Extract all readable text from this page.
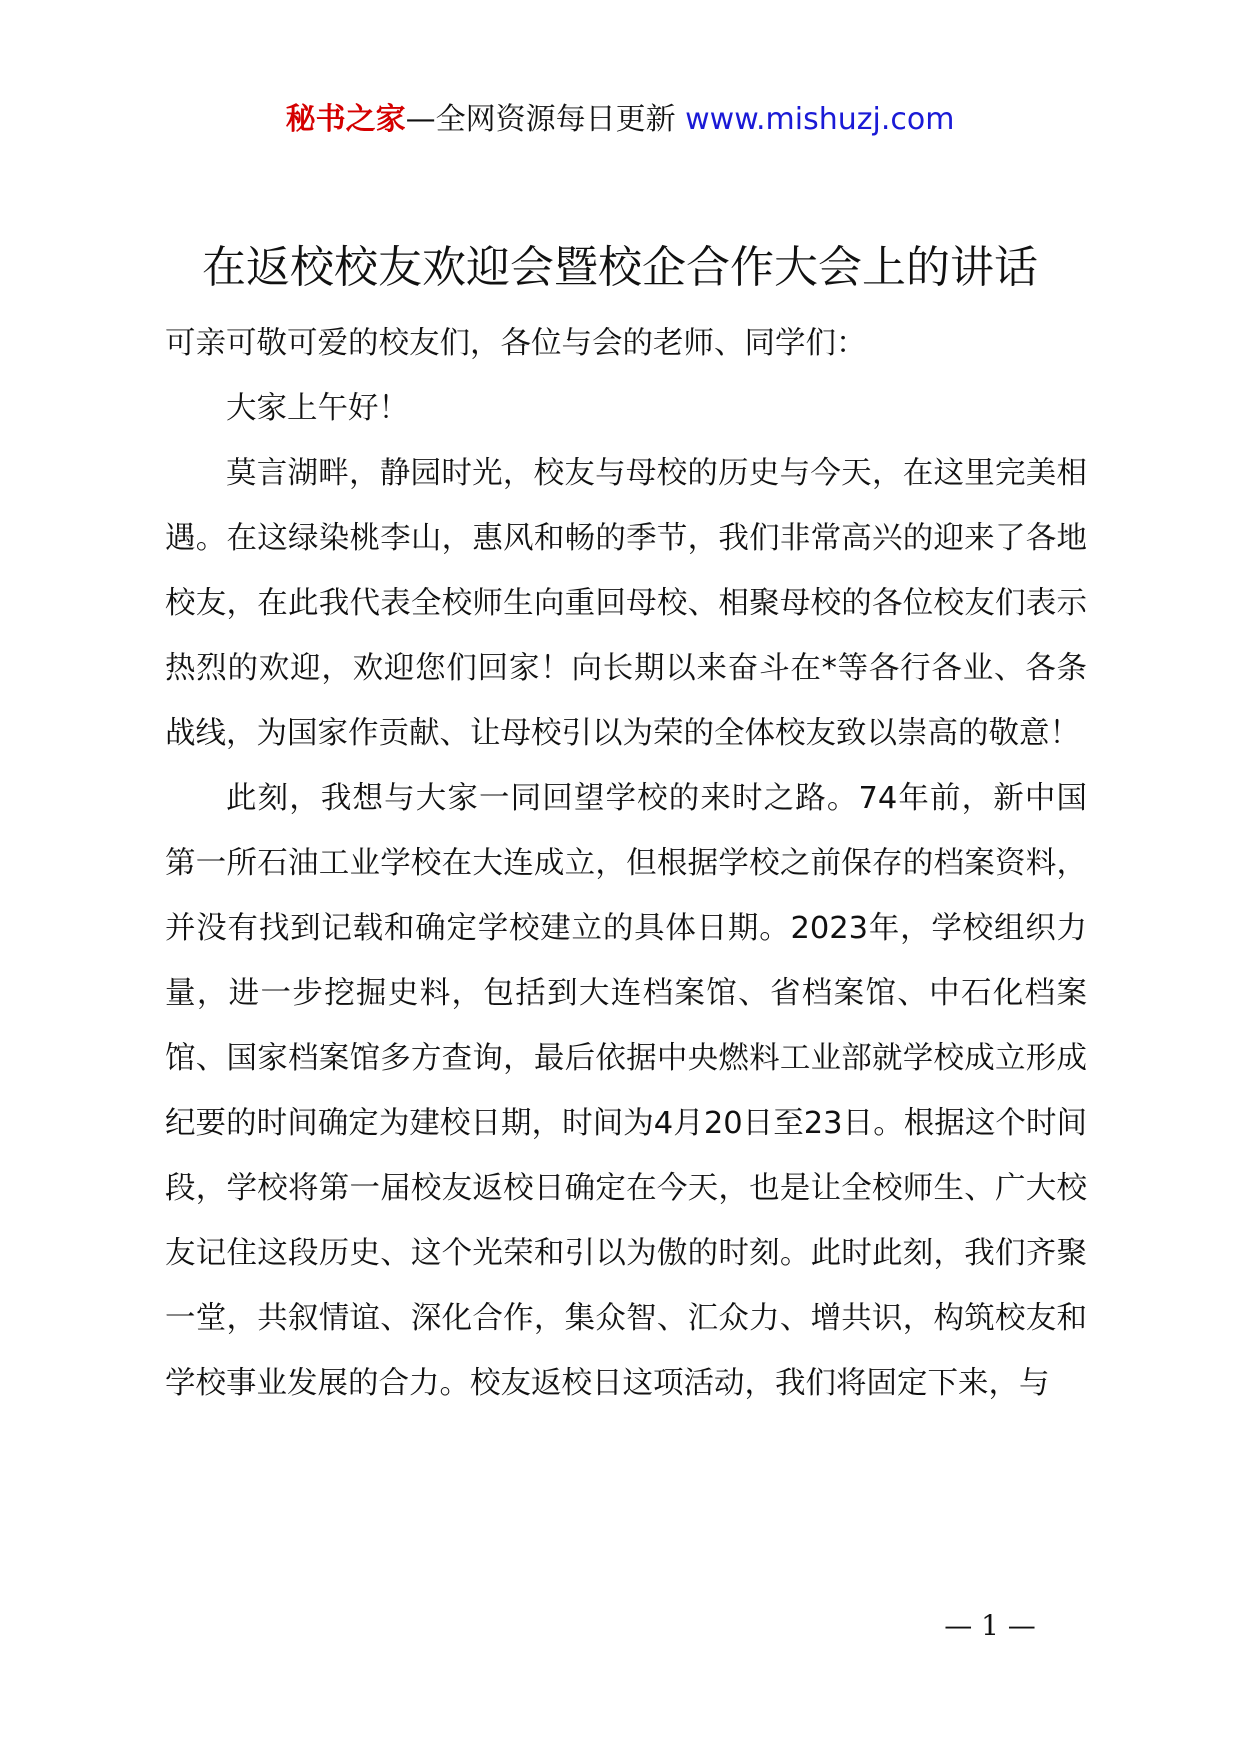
秘书之家—全网资源每日更新 www.mishuzj.com
在返校校友欢迎会暨校企合作大会上的讲话

可亲可敬可爱的校友们，各位与会的老师、同学们：

大家上午好！

莫言湖畔，静园时光，校友与母校的历史与今天，在这里完美相遇。在这绿染桃李山，惠风和畅的季节，我们非常高兴的迎来了各地校友，在此我代表全校师生向重回母校、相聚母校的各位校友们表示热烈的欢迎，欢迎您们回家！向长期以来奋斗在*等各行各业、各条战线，为国家作贡献、让母校引以为荣的全体校友致以崇高的敬意！

此刻，我想与大家一同回望学校的来时之路。74年前，新中国第一所石油工业学校在大连成立，但根据学校之前保存的档案资料，并没有找到记载和确定学校建立的具体日期。2023年，学校组织力量，进一步挖掘史料，包括到大连档案馆、省档案馆、中石化档案馆、国家档案馆多方查询，最后依据中央燃料工业部就学校成立形成纪要的时间确定为建校日期，时间为4月20日至23日。根据这个时间段，学校将第一届校友返校日确定在今天，也是让全校师生、广大校友记住这段历史、这个光荣和引以为傲的时刻。此时此刻，我们齐聚一堂，共叙情谊、深化合作，集众智、汇众力、增共识，构筑校友和学校事业发展的合力。校友返校日这项活动，我们将固定下来，与

— 1 —
